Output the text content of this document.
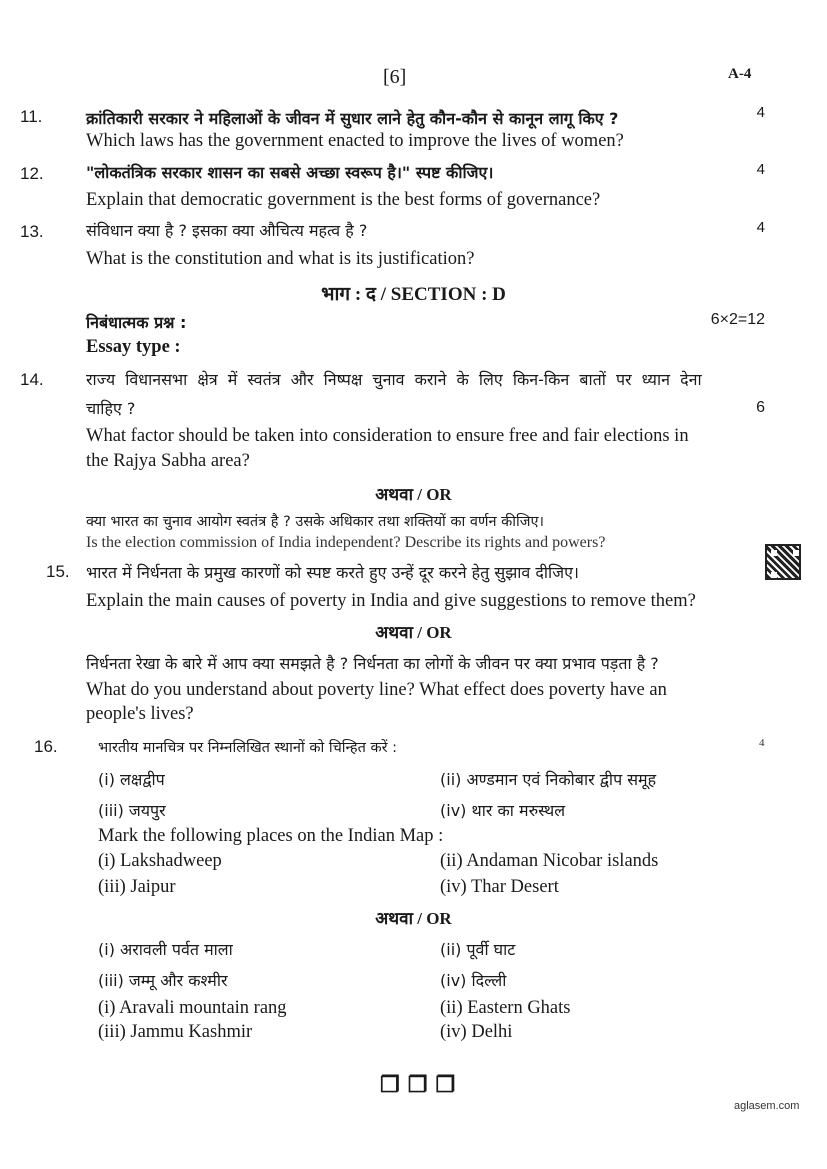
[6]	A-4
11.	क्रांतिकारी सरकार ने महिलाओं के जीवन में सुधार लाने हेतु कौन-कौन से कानून लागू किए ?	4
Which laws has the government enacted to improve the lives of women?
12.	"लोकतंत्रिक सरकार शासन का सबसे अच्छा स्वरूप है।" स्पष्ट कीजिए।	4
Explain that democratic government is the best forms of governance?
13.	संविधान क्या है ? इसका क्या औचित्य महत्व है ?	4
What is the constitution and what is its justification?
भाग : द / SECTION : D
निबंधात्मक प्रश्न :	6×2=12
Essay type :
14.	राज्य विधानसभा क्षेत्र में स्वतंत्र और निष्पक्ष चुनाव कराने के लिए किन-किन बातों पर ध्यान देना
चाहिए ?	6
What factor should be taken into consideration to ensure free and fair elections in
the Rajya Sabha area?
अथवा / OR
क्या भारत का चुनाव आयोग स्वतंत्र है ? उसके अधिकार तथा शक्तियों का वर्णन कीजिए।
Is the election commission of India independent? Describe its rights and powers?
15. भारत में निर्धनता के प्रमुख कारणों को स्पष्ट करते हुए उन्हें दूर करने हेतु सुझाव दीजिए।
Explain the main causes of poverty in India and give suggestions to remove them?
अथवा / OR
निर्धनता रेखा के बारे में आप क्या समझते है ? निर्धनता का लोगों के जीवन पर क्या प्रभाव पड़ता है ?
What do you understand about poverty line? What effect does poverty have an
people's lives?
16.	भारतीय मानचित्र पर निम्नलिखित स्थानों को चिन्हित करें :	4
(i) लक्षद्वीप	(ii) अण्डमान एवं निकोबार द्वीप समूह
(iii) जयपुर	(iv) थार का मरुस्थल
Mark the following places on the Indian Map :
(i) Lakshadweep	(ii) Andaman Nicobar islands
(iii) Jaipur	(iv) Thar Desert
अथवा / OR
(i) अरावली पर्वत माला	(ii) पूर्वी घाट
(iii) जम्मू और कश्मीर	(iv) दिल्ली
(i) Aravali mountain rang	(ii) Eastern Ghats
(iii) Jammu Kashmir	(iv) Delhi
❐❐❐
aglasem.com
